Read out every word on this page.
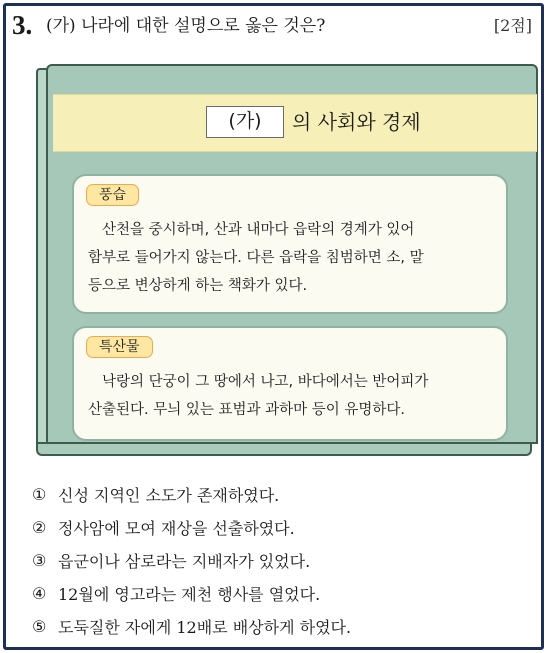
3. (가) 나라에 대한 설명으로 옳은 것은?	[2점]
(가)	의 사회와 경제
풍습
산천을 중시하며, 산과 내마다 읍락의 경계가 있어
함부로 들어가지 않는다. 다른 읍락을 침범하면 소, 말
등으로 변상하게 하는 책화가 있다.
특산물
낙랑의 단궁이 그 땅에서 나고, 바다에서는 반어피가
산출된다. 무늬 있는 표범과 과하마 등이 유명하다.
① 신성 지역인 소도가 존재하였다.
② 정사암에 모여 재상을 선출하였다.
③ 읍군이나 삼로라는 지배자가 있었다.
④ 12월에 영고라는 제천 행사를 열었다.
⑤ 도둑질한 자에게 12배로 배상하게 하였다.
